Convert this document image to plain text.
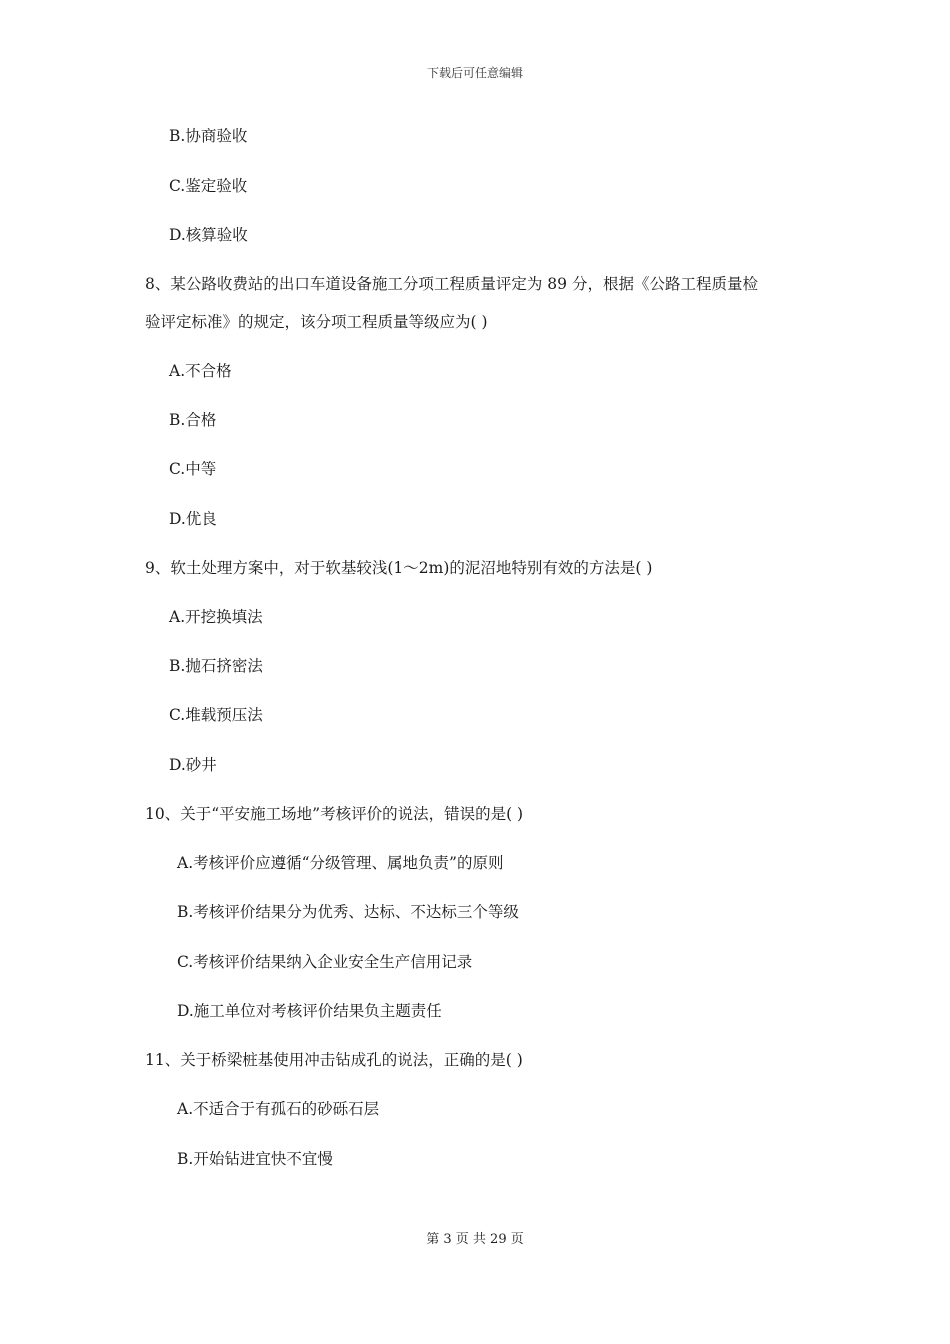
下载后可任意编辑
B.协商验收
C.鉴定验收
D.核算验收
8、某公路收费站的出口车道设备施工分项工程质量评定为 89 分，根据《公路工程质量检
验评定标准》的规定，该分项工程质量等级应为( )
A.不合格
B.合格
C.中等
D.优良
9、软土处理方案中，对于软基较浅(1～2m)的泥沼地特别有效的方法是( )
A.开挖换填法
B.抛石挤密法
C.堆载预压法
D.砂井
10、关于“平安施工场地”考核评价的说法，错误的是( )
A.考核评价应遵循“分级管理、属地负责”的原则
B.考核评价结果分为优秀、达标、不达标三个等级
C.考核评价结果纳入企业安全生产信用记录
D.施工单位对考核评价结果负主题责任
11、关于桥梁桩基使用冲击钻成孔的说法，正确的是( )
A.不适合于有孤石的砂砾石层
B.开始钻进宜快不宜慢
第 3 页 共 29 页
